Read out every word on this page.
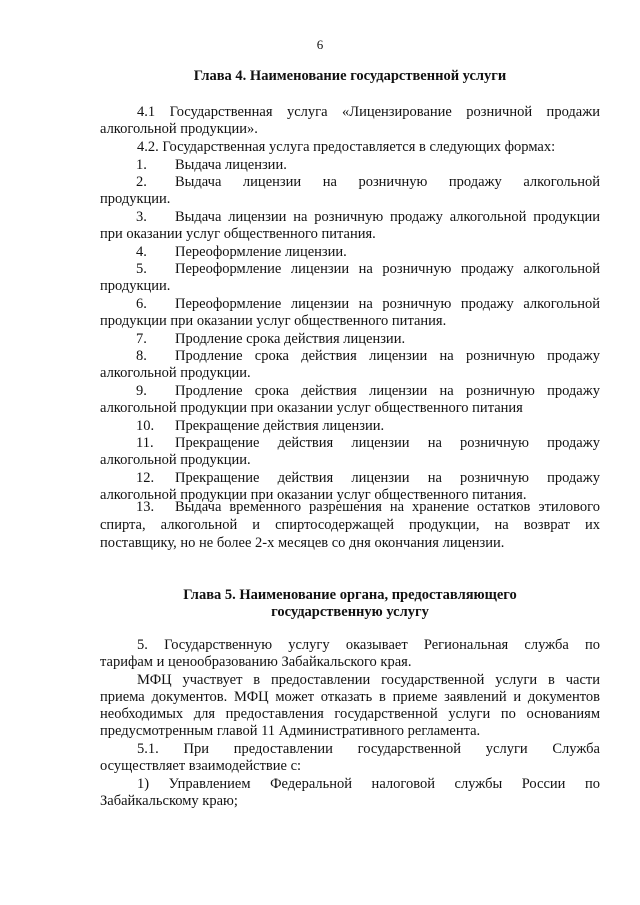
6
Глава 4. Наименование государственной услуги
4.1 Государственная услуга «Лицензирование розничной продажи
алкогольной продукции».
4.2. Государственная услуга предоставляется в следующих формах:
1. Выдача лицензии.
2. Выдача лицензии на розничную продажу алкогольной
продукции.
3. Выдача лицензии на розничную продажу алкогольной продукции
при оказании услуг общественного питания.
4. Переоформление лицензии.
5. Переоформление лицензии на розничную продажу алкогольной
продукции.
6. Переоформление лицензии на розничную продажу алкогольной
продукции при оказании услуг общественного питания.
7. Продление срока действия лицензии.
8. Продление срока действия лицензии на розничную продажу
алкогольной продукции.
9. Продление срока действия лицензии на розничную продажу
алкогольной продукции при оказании услуг общественного питания
10. Прекращение действия лицензии.
11. Прекращение действия лицензии на розничную продажу
алкогольной продукции.
12. Прекращение действия лицензии на розничную продажу
алкогольной продукции при оказании услуг общественного питания.
13. Выдача временного разрешения на хранение остатков этилового
спирта, алкогольной и спиртосодержащей продукции, на возврат их
поставщику, но не более 2-х месяцев со дня окончания лицензии.
Глава 5. Наименование органа, предоставляющего
государственную услугу
5. Государственную услугу оказывает Региональная служба по
тарифам и ценообразованию Забайкальского края.
МФЦ участвует в предоставлении государственной услуги в части
приема документов. МФЦ может отказать в приеме заявлений и документов
необходимых для предоставления государственной услуги по основаниям
предусмотренным главой 11 Административного регламента.
5.1. При предоставлении государственной услуги Служба
осуществляет взаимодействие с:
1) Управлением Федеральной налоговой службы России по
Забайкальскому краю;
